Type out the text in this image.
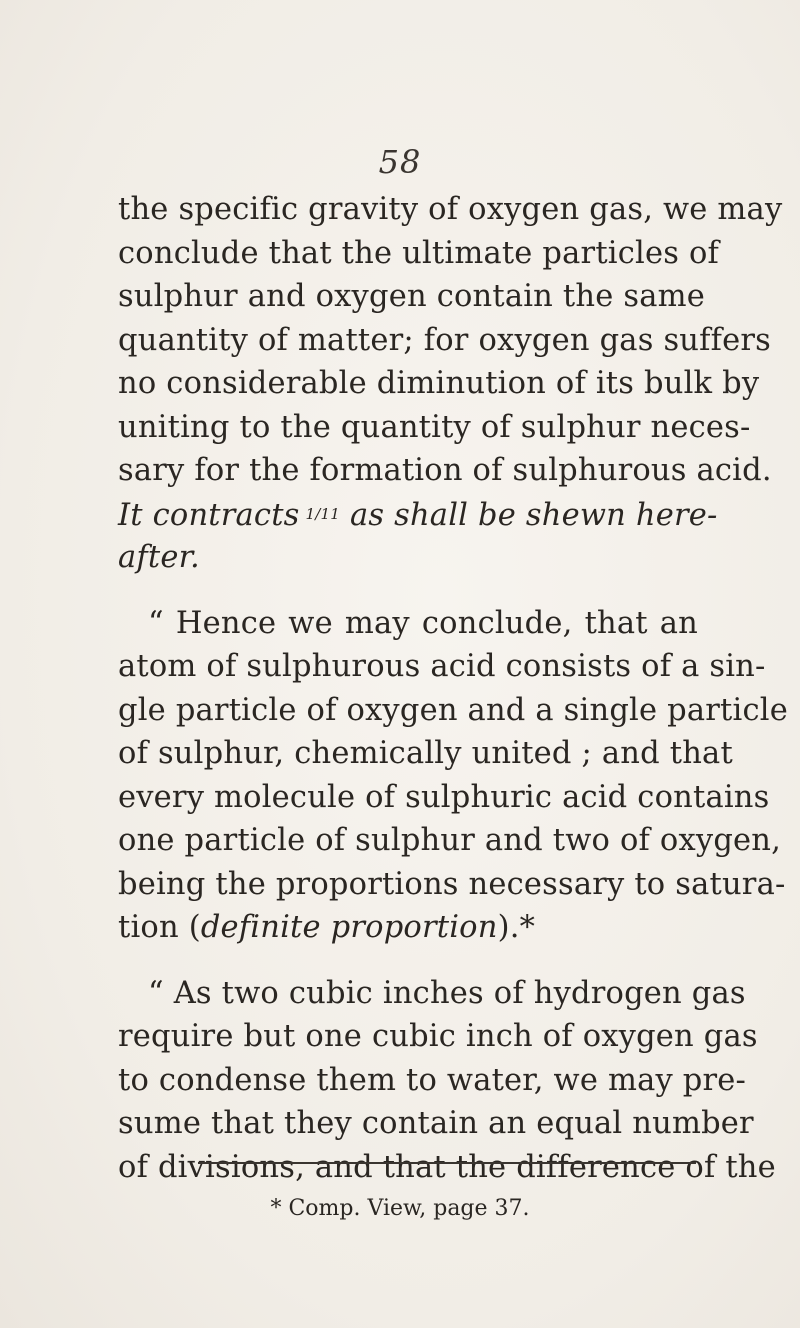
58
the specific gravity of oxygen gas, we may
conclude that the ultimate particles of
sulphur and oxygen contain the same
quantity of matter; for oxygen gas suffers
no considerable diminution of its bulk by
uniting to the quantity of sulphur neces-
sary for the formation of sulphurous acid.
It contracts 1/11 as shall be shewn here-
after.
“ Hence we may conclude, that an
atom of sulphurous acid consists of a sin-
gle particle of oxygen and a single particle
of sulphur, chemically united ; and that
every molecule of sulphuric acid contains
one particle of sulphur and two of oxygen,
being the proportions necessary to satura-
tion (definite proportion).*
“ As two cubic inches of hydrogen gas
require but one cubic inch of oxygen gas
to condense them to water, we may pre-
sume that they contain an equal number
of divisions, and that the difference of the
* Comp. View, page 37.
